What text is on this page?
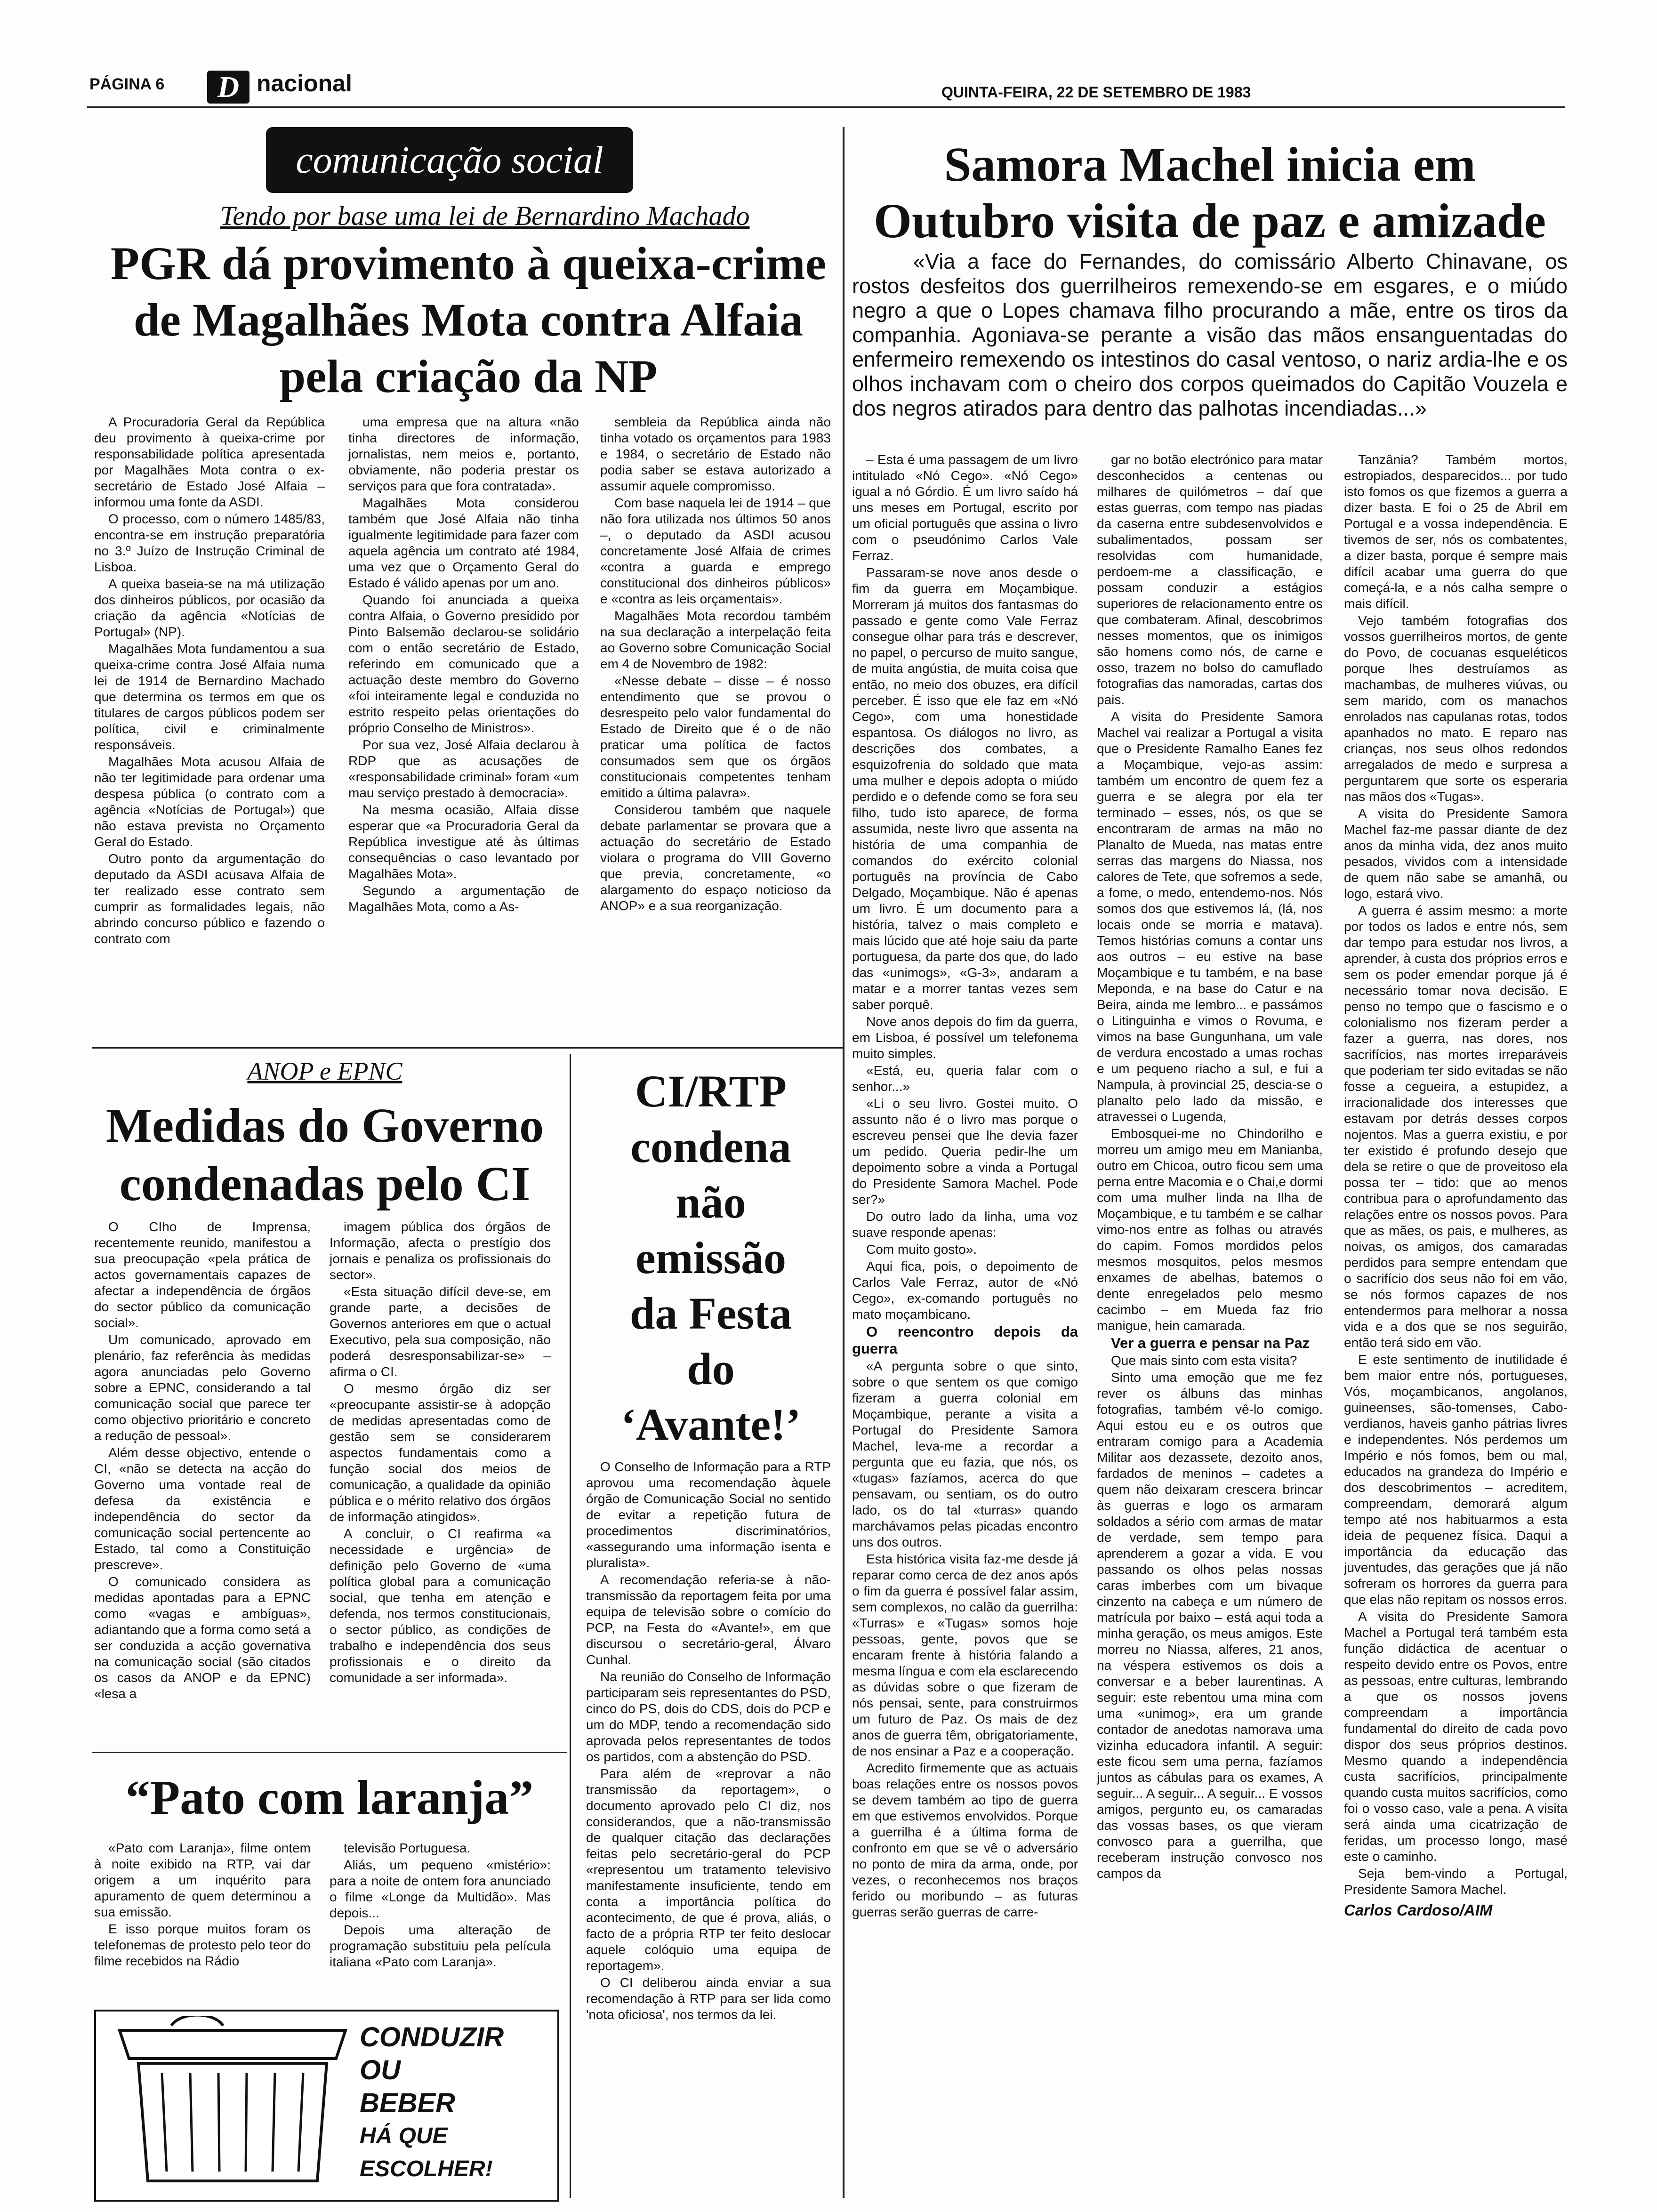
PÁGINA 6	D nacional	QUINTA-FEIRA, 22 DE SETEMBRO DE 1983
comunicação social
Tendo por base uma lei de Bernardino Machado
PGR dá provimento à queixa-crime de Magalhães Mota contra Alfaia pela criação da NP

A Procuradoria Geral da República deu provimento à queixa-crime por responsabilidade política apresentada por Magalhães Mota contra o ex-secretário de Estado José Alfaia – informou uma fonte da ASDI.

O processo, com o número 1485/83, encontra-se em instrução preparatória no 3.º Juízo de Instrução Criminal de Lisboa.

A queixa baseia-se na má utilização dos dinheiros públicos, por ocasião da criação da agência «Notícias de Portugal» (NP).

Magalhães Mota fundamentou a sua queixa-crime contra José Alfaia numa lei de 1914 de Bernardino Machado que determina os termos em que os titulares de cargos públicos podem ser política, civil e criminalmente responsáveis.

Magalhães Mota acusou Alfaia de não ter legitimidade para ordenar uma despesa pública (o contrato com a agência «Notícias de Portugal») que não estava prevista no Orçamento Geral do Estado.

Outro ponto da argumentação do deputado da ASDI acusava Alfaia de ter realizado esse contrato sem cumprir as formalidades legais, não abrindo concurso público e fazendo o contrato com

uma empresa que na altura «não tinha directores de informação, jornalistas, nem meios e, portanto, obviamente, não poderia prestar os serviços para que fora contratada».

Magalhães Mota considerou também que José Alfaia não tinha igualmente legitimidade para fazer com aquela agência um contrato até 1984, uma vez que o Orçamento Geral do Estado é válido apenas por um ano.

Quando foi anunciada a queixa contra Alfaia, o Governo presidido por Pinto Balsemão declarou-se solidário com o então secretário de Estado, referindo em comunicado que a actuação deste membro do Governo «foi inteiramente legal e conduzida no estrito respeito pelas orientações do próprio Conselho de Ministros».

Por sua vez, José Alfaia declarou à RDP que as acusações de «responsabilidade criminal» foram «um mau serviço prestado à democracia».

Na mesma ocasião, Alfaia disse esperar que «a Procuradoria Geral da República investigue até às últimas consequências o caso levantado por Magalhães Mota».

Segundo a argumentação de Magalhães Mota, como a As-

sembleia da República ainda não tinha votado os orçamentos para 1983 e 1984, o secretário de Estado não podia saber se estava autorizado a assumir aquele compromisso.

Com base naquela lei de 1914 – que não fora utilizada nos últimos 50 anos –, o deputado da ASDI acusou concretamente José Alfaia de crimes «contra a guarda e emprego constitucional dos dinheiros públicos» e «contra as leis orçamentais».

Magalhães Mota recordou também na sua declaração a interpelação feita ao Governo sobre Comunicação Social em 4 de Novembro de 1982:

«Nesse debate – disse – é nosso entendimento que se provou o desrespeito pelo valor fundamental do Estado de Direito que é o de não praticar uma política de factos consumados sem que os órgãos constitucionais competentes tenham emitido a última palavra».

Considerou também que naquele debate parlamentar se provara que a actuação do secretário de Estado violara o programa do VIII Governo que previa, concretamente, «o alargamento do espaço noticioso da ANOP» e a sua reorganização.

ANOP e EPNC
Medidas do Governo condenadas pelo CI

O CIho de Imprensa, recentemente reunido, manifestou a sua preocupação «pela prática de actos governamentais capazes de afectar a independência de órgãos do sector público da comunicação social».

Um comunicado, aprovado em plenário, faz referência às medidas agora anunciadas pelo Governo sobre a EPNC, considerando a tal comunicação social que parece ter como objectivo prioritário e concreto a redução de pessoal».

Além desse objectivo, entende o CI, «não se detecta na acção do Governo uma vontade real de defesa da existência e independência do sector da comunicação social pertencente ao Estado, tal como a Constituição prescreve».

O comunicado considera as medidas apontadas para a EPNC como «vagas e ambíguas», adiantando que a forma como setá a ser conduzida a acção governativa na comunicação social (são citados os casos da ANOP e da EPNC) «lesa a

imagem pública dos órgãos de Informação, afecta o prestígio dos jornais e penaliza os profissionais do sector».

«Esta situação difícil deve-se, em grande parte, a decisões de Governos anteriores em que o actual Executivo, pela sua composição, não poderá desresponsabilizar-se» – afirma o CI.

O mesmo órgão diz ser «preocupante assistir-se à adopção de medidas apresentadas como de gestão sem se considerarem aspectos fundamentais como a função social dos meios de comunicação, a qualidade da opinião pública e o mérito relativo dos órgãos de informação atingidos».

A concluir, o CI reafirma «a necessidade e urgência» de definição pelo Governo de «uma política global para a comunicação social, que tenha em atenção e defenda, nos termos constitucionais, o sector público, as condições de trabalho e independência dos seus profissionais e o direito da comunidade a ser informada».

“Pato com laranja”

«Pato com Laranja», filme ontem à noite exibido na RTP, vai dar origem a um inquérito para apuramento de quem determinou a sua emissão.

E isso porque muitos foram os telefonemas de protesto pelo teor do filme recebidos na Rádio

televisão Portuguesa.

Aliás, um pequeno «mistério»: para a noite de ontem fora anunciado o filme «Longe da Multidão». Mas depois...

Depois uma alteração de programação substituiu pela película italiana «Pato com Laranja».

CONDUZIR
OU
BEBER
HÁ QUE ESCOLHER!
CI/RTP
condena
não
emissão
da Festa
do
‘Avante!’

O Conselho de Informação para a RTP aprovou uma recomendação àquele órgão de Comunicação Social no sentido de evitar a repetição futura de procedimentos discriminatórios, «assegurando uma informação isenta e pluralista».

A recomendação referia-se à não-transmissão da reportagem feita por uma equipa de televisão sobre o comício do PCP, na Festa do «Avante!», em que discursou o secretário-geral, Álvaro Cunhal.

Na reunião do Conselho de Informação participaram seis representantes do PSD, cinco do PS, dois do CDS, dois do PCP e um do MDP, tendo a recomendação sido aprovada pelos representantes de todos os partidos, com a abstenção do PSD.

Para além de «reprovar a não transmissão da reportagem», o documento aprovado pelo CI diz, nos considerandos, que a não-transmissão de qualquer citação das declarações feitas pelo secretário-geral do PCP «representou um tratamento televisivo manifestamente insuficiente, tendo em conta a importância política do acontecimento, de que é prova, aliás, o facto de a própria RTP ter feito deslocar aquele colóquio uma equipa de reportagem».

O CI deliberou ainda enviar a sua recomendação à RTP para ser lida como 'nota oficiosa', nos termos da lei.

Samora Machel inicia em Outubro visita de paz e amizade

«Via a face do Fernandes, do comissário Alberto Chinavane, os rostos desfeitos dos guerrilheiros remexendo-se em esgares, e o miúdo negro a que o Lopes chamava filho procurando a mãe, entre os tiros da companhia. Agoniava-se perante a visão das mãos ensanguentadas do enfermeiro remexendo os intestinos do casal ventoso, o nariz ardia-lhe e os olhos inchavam com o cheiro dos corpos queimados do Capitão Vouzela e dos negros atirados para dentro das palhotas incendiadas...»

– Esta é uma passagem de um livro intitulado «Nó Cego». «Nó Cego» igual a nó Górdio. É um livro saído há uns meses em Portugal, escrito por um oficial português que assina o livro com o pseudónimo Carlos Vale Ferraz.

Passaram-se nove anos desde o fim da guerra em Moçambique. Morreram já muitos dos fantasmas do passado e gente como Vale Ferraz consegue olhar para trás e descrever, no papel, o percurso de muito sangue, de muita angústia, de muita coisa que então, no meio dos obuzes, era difícil perceber. É isso que ele faz em «Nó Cego», com uma honestidade espantosa. Os diálogos no livro, as descrições dos combates, a esquizofrenia do soldado que mata uma mulher e depois adopta o miúdo perdido e o defende como se fora seu filho, tudo isto aparece, de forma assumida, neste livro que assenta na história de uma companhia de comandos do exército colonial português na província de Cabo Delgado, Moçambique. Não é apenas um livro. É um documento para a história, talvez o mais completo e mais lúcido que até hoje saiu da parte portuguesa, da parte dos que, do lado das «unimogs», «G-3», andaram a matar e a morrer tantas vezes sem saber porquê.

Nove anos depois do fim da guerra, em Lisboa, é possível um telefonema muito simples.

«Está, eu, queria falar com o senhor...»

«Li o seu livro. Gostei muito. O assunto não é o livro mas porque o escreveu pensei que lhe devia fazer um pedido. Queria pedir-lhe um depoimento sobre a vinda a Portugal do Presidente Samora Machel. Pode ser?»

Do outro lado da linha, uma voz suave responde apenas:

Com muito gosto».

Aqui fica, pois, o depoimento de Carlos Vale Ferraz, autor de «Nó Cego», ex-comando português no mato moçambicano.

O reencontro depois da guerra

«A pergunta sobre o que sinto, sobre o que sentem os que comigo fizeram a guerra colonial em Moçambique, perante a visita a Portugal do Presidente Samora Machel, leva-me a recordar a pergunta que eu fazia, que nós, os «tugas» fazíamos, acerca do que pensavam, ou sentiam, os do outro lado, os do tal «turras» quando marchávamos pelas picadas encontro uns dos outros.

Esta histórica visita faz-me desde já reparar como cerca de dez anos após o fim da guerra é possível falar assim, sem complexos, no calão da guerrilha: «Turras» e «Tugas» somos hoje pessoas, gente, povos que se encaram frente à história falando a mesma língua e com ela esclarecendo as dúvidas sobre o que fizeram de nós pensai, sente, para construirmos um futuro de Paz. Os mais de dez anos de guerra têm, obrigatoriamente, de nos ensinar a Paz e a cooperação.

Acredito firmemente que as actuais boas relações entre os nossos povos se devem também ao tipo de guerra em que estivemos envolvidos. Porque a guerrilha é a última forma de confronto em que se vê o adversário no ponto de mira da arma, onde, por vezes, o reconhecemos nos braços ferido ou moribundo – as futuras guerras serão guerras de carre-

gar no botão electrónico para matar desconhecidos a centenas ou milhares de quilómetros – daí que estas guerras, com tempo nas piadas da caserna entre subdesenvolvidos e subalimentados, possam ser resolvidas com humanidade, perdoem-me a classificação, e possam conduzir a estágios superiores de relacionamento entre os que combateram. Afinal, descobrimos nesses momentos, que os inimigos são homens como nós, de carne e osso, trazem no bolso do camuflado fotografias das namoradas, cartas dos pais.

A visita do Presidente Samora Machel vai realizar a Portugal a visita que o Presidente Ramalho Eanes fez a Moçambique, vejo-as assim: também um encontro de quem fez a guerra e se alegra por ela ter terminado – esses, nós, os que se encontraram de armas na mão no Planalto de Mueda, nas matas entre serras das margens do Niassa, nos calores de Tete, que sofremos a sede, a fome, o medo, entendemo-nos. Nós somos dos que estivemos lá, (lá, nos locais onde se morria e matava). Temos histórias comuns a contar uns aos outros – eu estive na base Moçambique e tu também, e na base Meponda, e na base do Catur e na Beira, ainda me lembro... e passámos o Litinguinha e vimos o Rovuma, e vimos na base Gungunhana, um vale de verdura encostado a umas rochas e um pequeno riacho a sul, e fui a Nampula, à provincial 25, descia-se o planalto pelo lado da missão, e atravessei o Lugenda,

Embosquei-me no Chindorilho e morreu um amigo meu em Manianba, outro em Chicoa, outro ficou sem uma perna entre Macomia e o Chai,e dormi com uma mulher linda na Ilha de Moçambique, e tu também e se calhar vimo-nos entre as folhas ou através do capim. Fomos mordidos pelos mesmos mosquitos, pelos mesmos enxames de abelhas, batemos o dente enregelados pelo mesmo cacimbo – em Mueda faz frio manigue, hein camarada.

Ver a guerra e pensar na Paz

Que mais sinto com esta visita?

Sinto uma emoção que me fez rever os álbuns das minhas fotografias, também vê-lo comigo. Aqui estou eu e os outros que entraram comigo para a Academia Militar aos dezassete, dezoito anos, fardados de meninos – cadetes a quem não deixaram crescera brincar às guerras e logo os armaram soldados a sério com armas de matar de verdade, sem tempo para aprenderem a gozar a vida. E vou passando os olhos pelas nossas caras imberbes com um bivaque cinzento na cabeça e um número de matrícula por baixo – está aqui toda a minha geração, os meus amigos. Este morreu no Niassa, alferes, 21 anos, na véspera estivemos os dois a conversar e a beber laurentinas. A seguir: este rebentou uma mina com uma «unimog», era um grande contador de anedotas namorava uma vizinha educadora infantil. A seguir: este ficou sem uma perna, fazíamos juntos as cábulas para os exames, A seguir... A seguir... A seguir... E vossos amigos, pergunto eu, os camaradas das vossas bases, os que vieram convosco para a guerrilha, que receberam instrução convosco nos campos da

Tanzânia? Também mortos, estropiados, desparecidos... por tudo isto fomos os que fizemos a guerra a dizer basta. E foi o 25 de Abril em Portugal e a vossa independência. E tivemos de ser, nós os combatentes, a dizer basta, porque é sempre mais difícil acabar uma guerra do que começá-la, e a nós calha sempre o mais difícil.

Vejo também fotografias dos vossos guerrilheiros mortos, de gente do Povo, de cocuanas esqueléticos porque lhes destruíamos as machambas, de mulheres viúvas, ou sem marido, com os manachos enrolados nas capulanas rotas, todos apanhados no mato. E reparo nas crianças, nos seus olhos redondos arregalados de medo e surpresa a perguntarem que sorte os esperaria nas mãos dos «Tugas».

A visita do Presidente Samora Machel faz-me passar diante de dez anos da minha vida, dez anos muito pesados, vividos com a intensidade de quem não sabe se amanhã, ou logo, estará vivo.

A guerra é assim mesmo: a morte por todos os lados e entre nós, sem dar tempo para estudar nos livros, a aprender, à custa dos próprios erros e sem os poder emendar porque já é necessário tomar nova decisão. E penso no tempo que o fascismo e o colonialismo nos fizeram perder a fazer a guerra, nas dores, nos sacrifícios, nas mortes irreparáveis que poderiam ter sido evitadas se não fosse a cegueira, a estupidez, a irracionalidade dos interesses que estavam por detrás desses corpos nojentos. Mas a guerra existiu, e por ter existido é profundo desejo que dela se retire o que de proveitoso ela possa ter – tido: que ao menos contribua para o aprofundamento das relações entre os nossos povos. Para que as mães, os pais, e mulheres, as noivas, os amigos, dos camaradas perdidos para sempre entendam que o sacrifício dos seus não foi em vão, se nós formos capazes de nos entendermos para melhorar a nossa vida e a dos que se nos seguirão, então terá sido em vão.

E este sentimento de inutilidade é bem maior entre nós, portugueses, Vós, moçambicanos, angolanos, guineenses, são-tomenses, Cabo-verdianos, haveis ganho pátrias livres e independentes. Nós perdemos um Império e nós fomos, bem ou mal, educados na grandeza do Império e dos descobrimentos – acreditem, compreendam, demorará algum tempo até nos habituarmos a esta ideia de pequenez física. Daqui a importância da educação das juventudes, das gerações que já não sofreram os horrores da guerra para que elas não repitam os nossos erros.

A visita do Presidente Samora Machel a Portugal terá também esta função didáctica de acentuar o respeito devido entre os Povos, entre as pessoas, entre culturas, lembrando a que os nossos jovens compreendam a importância fundamental do direito de cada povo dispor dos seus próprios destinos. Mesmo quando a independência custa sacrifícios, principalmente quando custa muitos sacrifícios, como foi o vosso caso, vale a pena. A visita será ainda uma cicatrização de feridas, um processo longo, masé este o caminho.

Seja bem-vindo a Portugal, Presidente Samora Machel.

Carlos Cardoso/AIM
